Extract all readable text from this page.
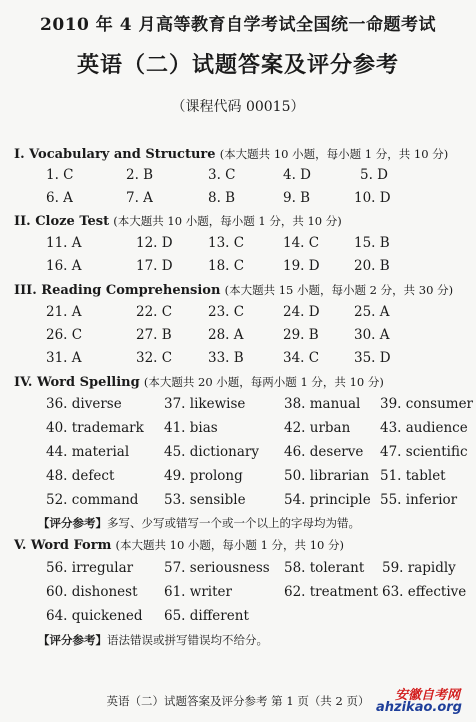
2010 年 4 月高等教育自学考试全国统一命题考试
英语（二）试题答案及评分参考
（课程代码 00015）
I. Vocabulary and Structure (本大题共 10 小题，每小题 1 分，共 10 分)
1. C	2. B	3. C	4. D	5. D
6. A	7. A	8. B	9. B	10. D
II. Cloze Test (本大题共 10 小题，每小题 1 分，共 10 分)
11. A	12. D	13. C	14. C	15. B
16. A	17. D	18. C	19. D	20. B
III. Reading Comprehension (本大题共 15 小题，每小题 2 分，共 30 分)
21. A	22. C	23. C	24. D	25. A
26. C	27. B	28. A	29. B	30. A
31. A	32. C	33. B	34. C	35. D
IV. Word Spelling (本大题共 20 小题，每两小题 1 分，共 10 分)
36. diverse	37. likewise	38. manual 39. consumer
40. trademark 41. bias	42. urban 43. audience
44. material	45. dictionary 46. deserve 47. scientific
48. defect	49. prolong	50. librarian 51. tablet
52. command 53. sensible	54. principle 55. inferior
【评分参考】多写、少写或错写一个或一个以上的字母均为错。
V. Word Form (本大题共 10 小题，每小题 1 分，共 10 分)
56. irregular 57. seriousness 58. tolerant 59. rapidly
60. dishonest 61. writer	62. treatment 63. effective
64. quickened 65. different
【评分参考】语法错误或拼写错误均不给分。
英语（二）试题答案及评分参考 第 1 页（共 2 页）	安徽自考网
ahzikao.org
